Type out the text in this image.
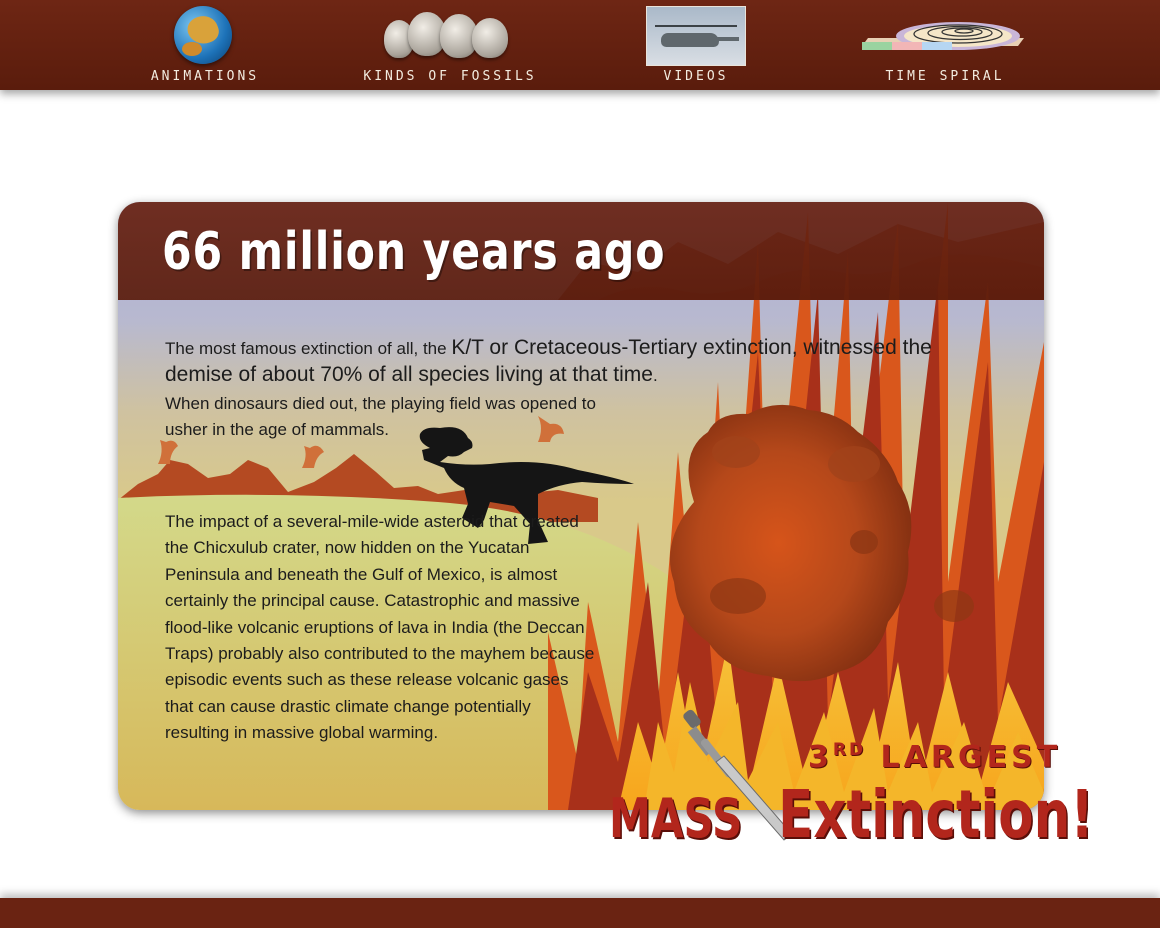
ANIMATIONS	KINDS OF FOSSILS	VIDEOS	TIME SPIRAL
66 million years ago
The most famous extinction of all, the K/T or Cretaceous-Tertiary extinction, witnessed the demise of about 70% of all species living at that time.
When dinosaurs died out, the playing field was opened to usher in the age of mammals.
The impact of a several-mile-wide asteroid that created the Chicxulub crater, now hidden on the Yucatan Peninsula and beneath the Gulf of Mexico, is almost certainly the principal cause. Catastrophic and massive flood-like volcanic eruptions of lava in India (the Deccan Traps) probably also contributed to the mayhem because episodic events such as these release volcanic gases that can cause drastic climate change potentially resulting in massive global warming.
3RD LARGEST
MASS Extinction!
